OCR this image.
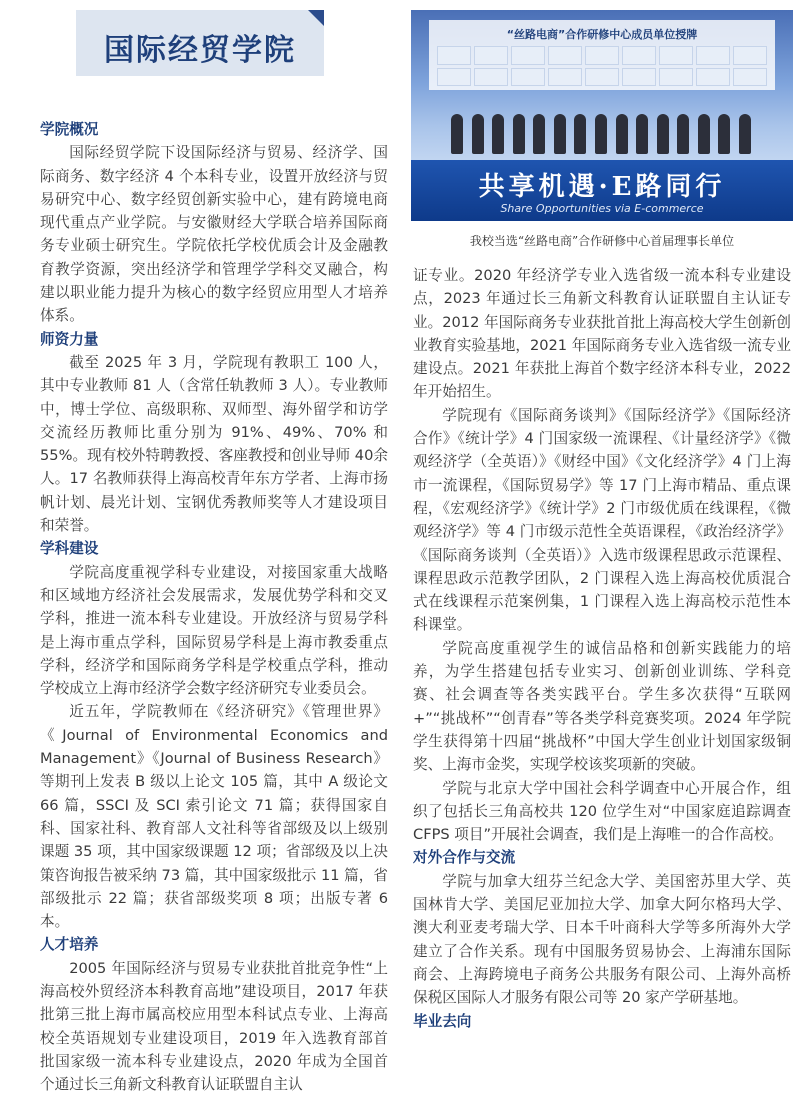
国际经贸学院	“丝路电商”合作研修中心成员单位授牌
共享机遇·E路同行
Share Opportunities via E-commerce
我校当选“丝路电商”合作研修中心首届理事长单位
学院概况

国际经贸学院下设国际经济与贸易、经济学、国际商务、数字经济 4 个本科专业，设置开放经济与贸易研究中心、数字经贸创新实验中心，建有跨境电商现代重点产业学院。与安徽财经大学联合培养国际商务专业硕士研究生。学院依托学校优质会计及金融教育教学资源，突出经济学和管理学学科交叉融合，构建以职业能力提升为核心的数字经贸应用型人才培养体系。

师资力量

截至 2025 年 3 月，学院现有教职工 100 人，其中专业教师 81 人（含常任轨教师 3 人）。专业教师中，博士学位、高级职称、双师型、海外留学和访学交流经历教师比重分别为 91%、49%、70% 和 55%。现有校外特聘教授、客座教授和创业导师 40余人。17 名教师获得上海高校青年东方学者、上海市扬帆计划、晨光计划、宝钢优秀教师奖等人才建设项目和荣誉。

学科建设

学院高度重视学科专业建设，对接国家重大战略和区域地方经济社会发展需求，发展优势学科和交叉学科，推进一流本科专业建设。开放经济与贸易学科是上海市重点学科，国际贸易学科是上海市教委重点学科，经济学和国际商务学科是学校重点学科，推动学校成立上海市经济学会数字经济研究专业委员会。

近五年，学院教师在《经济研究》《管理世界》《Journal of Environmental Economics and Management》《Journal of Business Research》等期刊上发表 B 级以上论文 105 篇，其中 A 级论文 66 篇，SSCI 及 SCI 索引论文 71 篇；获得国家自科、国家社科、教育部人文社科等省部级及以上级别课题 35 项，其中国家级课题 12 项；省部级及以上决策咨询报告被采纳 73 篇，其中国家级批示 11 篇，省部级批示 22 篇；获省部级奖项 8 项；出版专著 6 本。

人才培养

2005 年国际经济与贸易专业获批首批竞争性“上海高校外贸经济本科教育高地”建设项目，2017 年获批第三批上海市属高校应用型本科试点专业、上海高校全英语规划专业建设项目，2019 年入选教育部首批国家级一流本科专业建设点，2020 年成为全国首个通过长三角新文科教育认证联盟自主认

证专业。2020 年经济学专业入选省级一流本科专业建设点，2023 年通过长三角新文科教育认证联盟自主认证专业。2012 年国际商务专业获批首批上海高校大学生创新创业教育实验基地，2021 年国际商务专业入选省级一流专业建设点。2021 年获批上海首个数字经济本科专业，2022 年开始招生。

学院现有《国际商务谈判》《国际经济学》《国际经济合作》《统计学》4 门国家级一流课程、《计量经济学》《微观经济学（全英语）》《财经中国》《文化经济学》4 门上海市一流课程，《国际贸易学》等 17 门上海市精品、重点课程，《宏观经济学》《统计学》2 门市级优质在线课程，《微观经济学》等 4 门市级示范性全英语课程，《政治经济学》《国际商务谈判（全英语）》入选市级课程思政示范课程、课程思政示范教学团队，2 门课程入选上海高校优质混合式在线课程示范案例集，1 门课程入选上海高校示范性本科课堂。

学院高度重视学生的诚信品格和创新实践能力的培养，为学生搭建包括专业实习、创新创业训练、学科竞赛、社会调查等各类实践平台。学生多次获得“互联网+”“挑战杯”“创青春”等各类学科竞赛奖项。2024 年学院学生获得第十四届“挑战杯”中国大学生创业计划国家级铜奖、上海市金奖，实现学校该奖项新的突破。

学院与北京大学中国社会科学调查中心开展合作，组织了包括长三角高校共 120 位学生对“中国家庭追踪调查 CFPS 项目”开展社会调查，我们是上海唯一的合作高校。

对外合作与交流

学院与加拿大纽芬兰纪念大学、美国密苏里大学、英国林肯大学、美国尼亚加拉大学、加拿大阿尔格玛大学、澳大利亚麦考瑞大学、日本千叶商科大学等多所海外大学建立了合作关系。现有中国服务贸易协会、上海浦东国际商会、上海跨境电子商务公共服务有限公司、上海外高桥保税区国际人才服务有限公司等 20 家产学研基地。

毕业去向
